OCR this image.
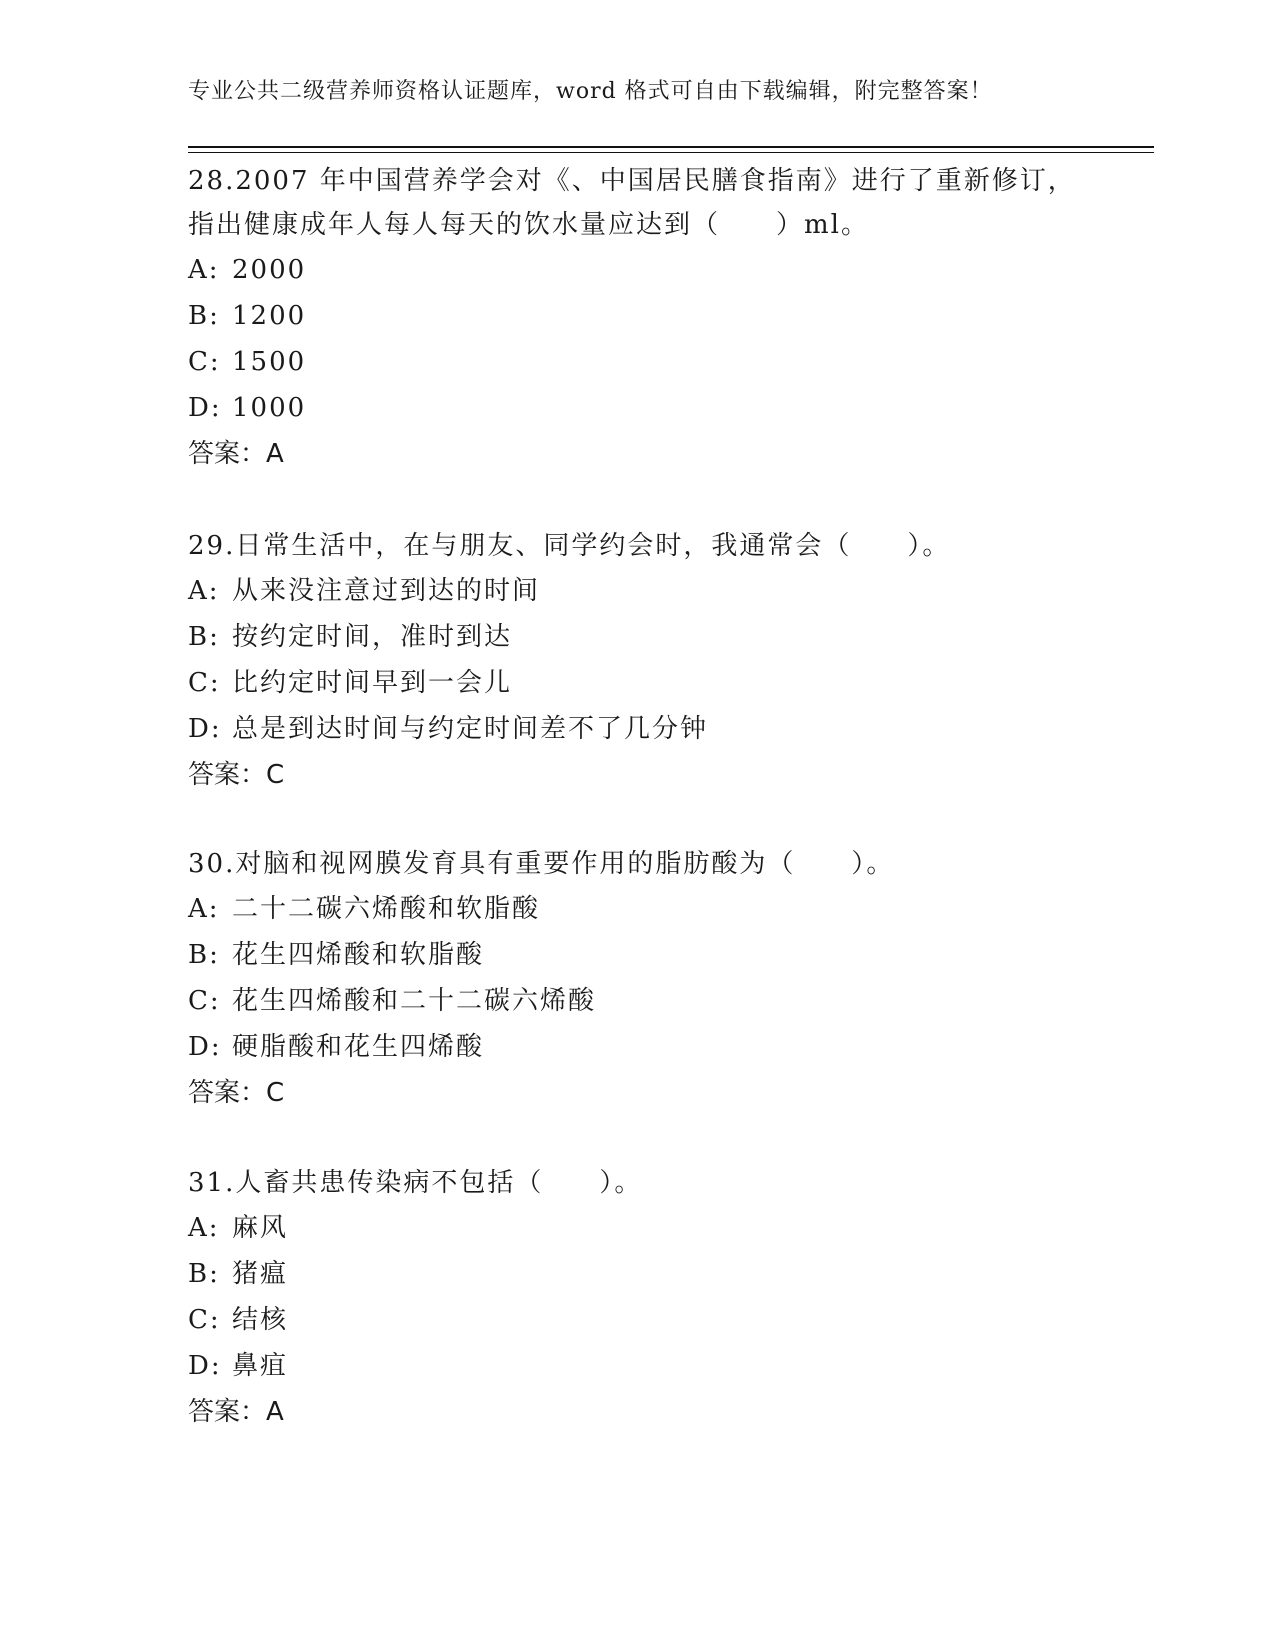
专业公共二级营养师资格认证题库，word 格式可自由下载编辑，附完整答案！
28.2007 年中国营养学会对《、中国居民膳食指南》进行了重新修订，
指出健康成年人每人每天的饮水量应达到（　　）ml。
A: 2000
B: 1200
C: 1500
D: 1000
答案：A
29.日常生活中，在与朋友、同学约会时，我通常会（　　）。
A: 从来没注意过到达的时间
B: 按约定时间，准时到达
C: 比约定时间早到一会儿
D: 总是到达时间与约定时间差不了几分钟
答案：C
30.对脑和视网膜发育具有重要作用的脂肪酸为（　　）。
A: 二十二碳六烯酸和软脂酸
B: 花生四烯酸和软脂酸
C: 花生四烯酸和二十二碳六烯酸
D: 硬脂酸和花生四烯酸
答案：C
31.人畜共患传染病不包括（　　）。
A: 麻风
B: 猪瘟
C: 结核
D: 鼻疽
答案：A
